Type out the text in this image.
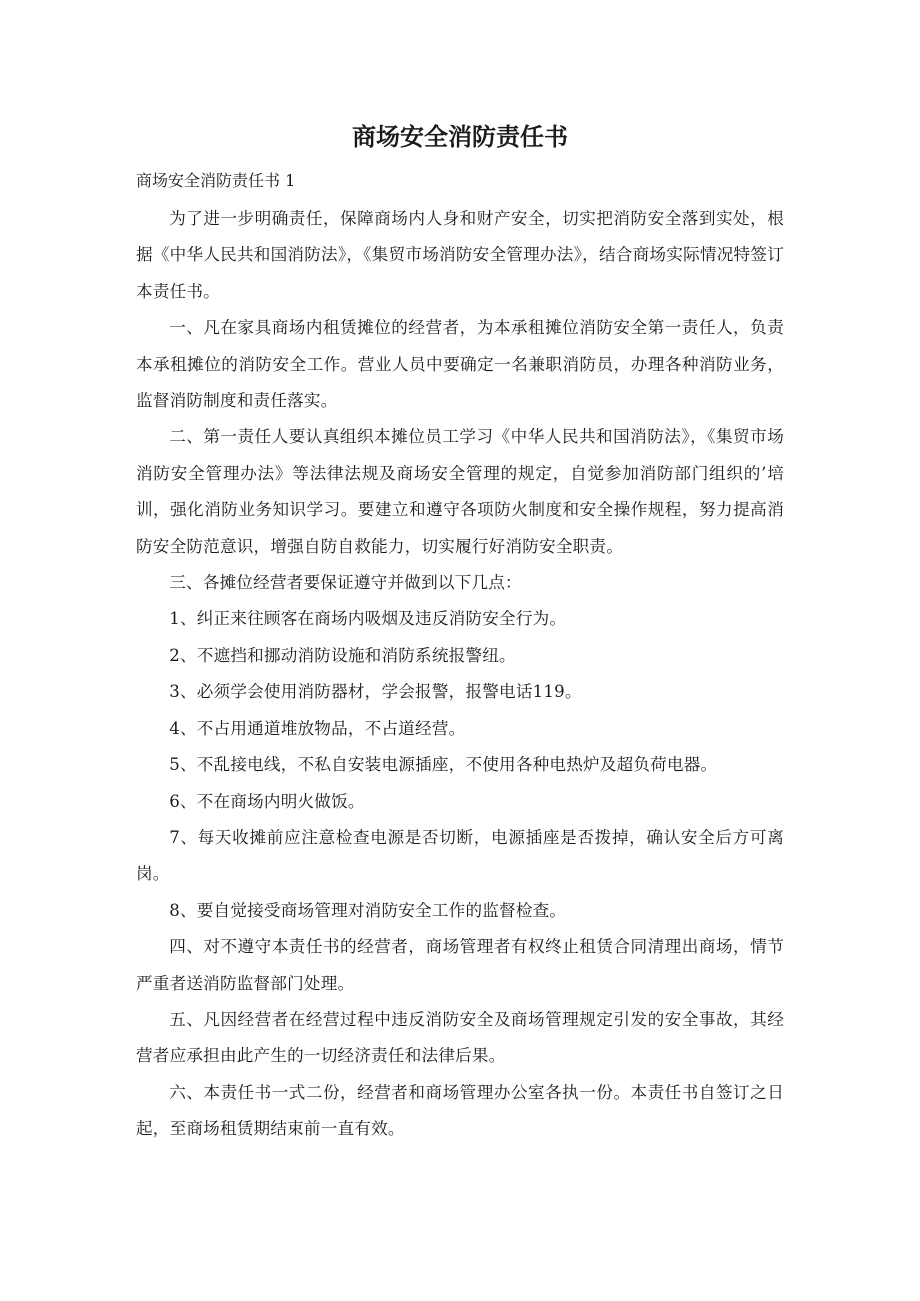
商场安全消防责任书

商场安全消防责任书 1

为了进一步明确责任，保障商场内人身和财产安全，切实把消防安全落到实处，根据《中华人民共和国消防法》，《集贸市场消防安全管理办法》，结合商场实际情况特签订本责任书。

一、凡在家具商场内租赁摊位的经营者，为本承租摊位消防安全第一责任人，负责本承租摊位的消防安全工作。营业人员中要确定一名兼职消防员，办理各种消防业务，监督消防制度和责任落实。

二、第一责任人要认真组织本摊位员工学习《中华人民共和国消防法》，《集贸市场消防安全管理办法》等法律法规及商场安全管理的规定，自觉参加消防部门组织的’培训，强化消防业务知识学习。要建立和遵守各项防火制度和安全操作规程，努力提高消防安全防范意识，增强自防自救能力，切实履行好消防安全职责。

三、各摊位经营者要保证遵守并做到以下几点：

1、纠正来往顾客在商场内吸烟及违反消防安全行为。

2、不遮挡和挪动消防设施和消防系统报警纽。

3、必须学会使用消防器材，学会报警，报警电话119。

4、不占用通道堆放物品，不占道经营。

5、不乱接电线，不私自安装电源插座，不使用各种电热炉及超负荷电器。

6、不在商场内明火做饭。

7、每天收摊前应注意检查电源是否切断，电源插座是否拨掉，确认安全后方可离岗。

8、要自觉接受商场管理对消防安全工作的监督检查。

四、对不遵守本责任书的经营者，商场管理者有权终止租赁合同清理出商场，情节严重者送消防监督部门处理。

五、凡因经营者在经营过程中违反消防安全及商场管理规定引发的安全事故，其经营者应承担由此产生的一切经济责任和法律后果。

六、本责任书一式二份，经营者和商场管理办公室各执一份。本责任书自签订之日起，至商场租赁期结束前一直有效。
